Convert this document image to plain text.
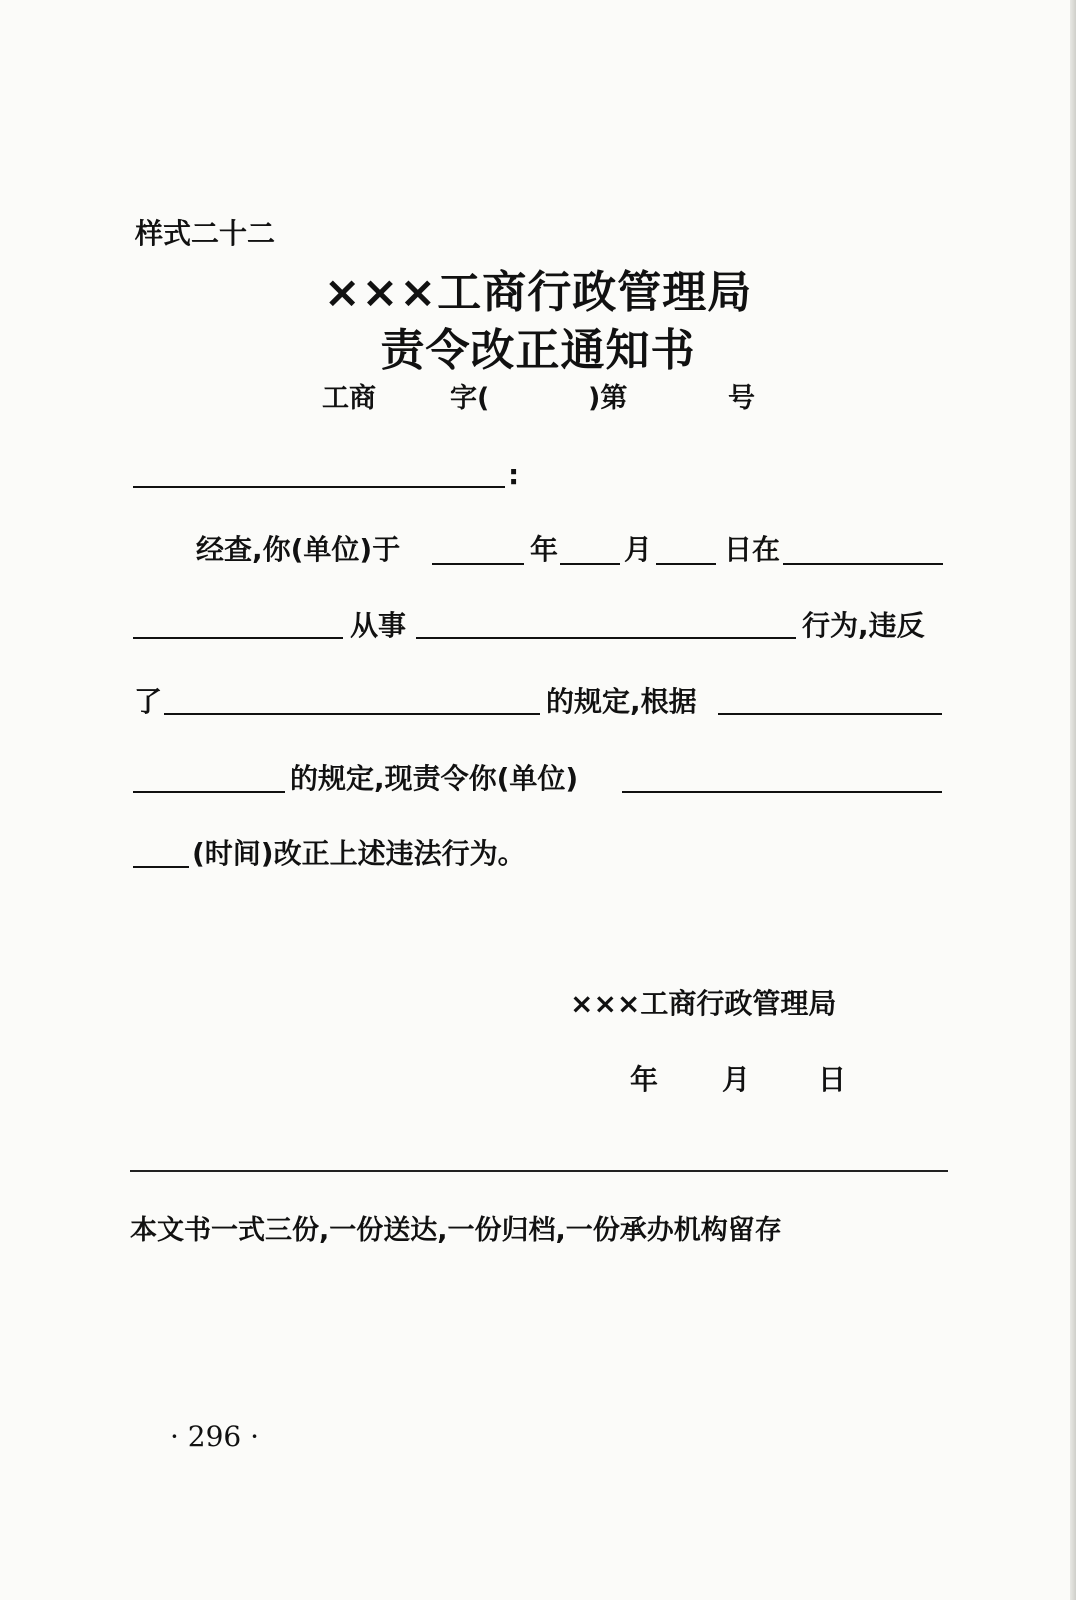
样式二十二
×××工商行政管理局
责令改正通知书
工商	字(	)第	号
:
经查,你(单位)于	年 月	日在
从事	行为,违反
了	的规定,根据
的规定,现责令你(单位)
(时间)改正上述违法行为。
×××工商行政管理局
年 月 日
本文书一式三份,一份送达,一份归档,一份承办机构留存
· 296 ·
